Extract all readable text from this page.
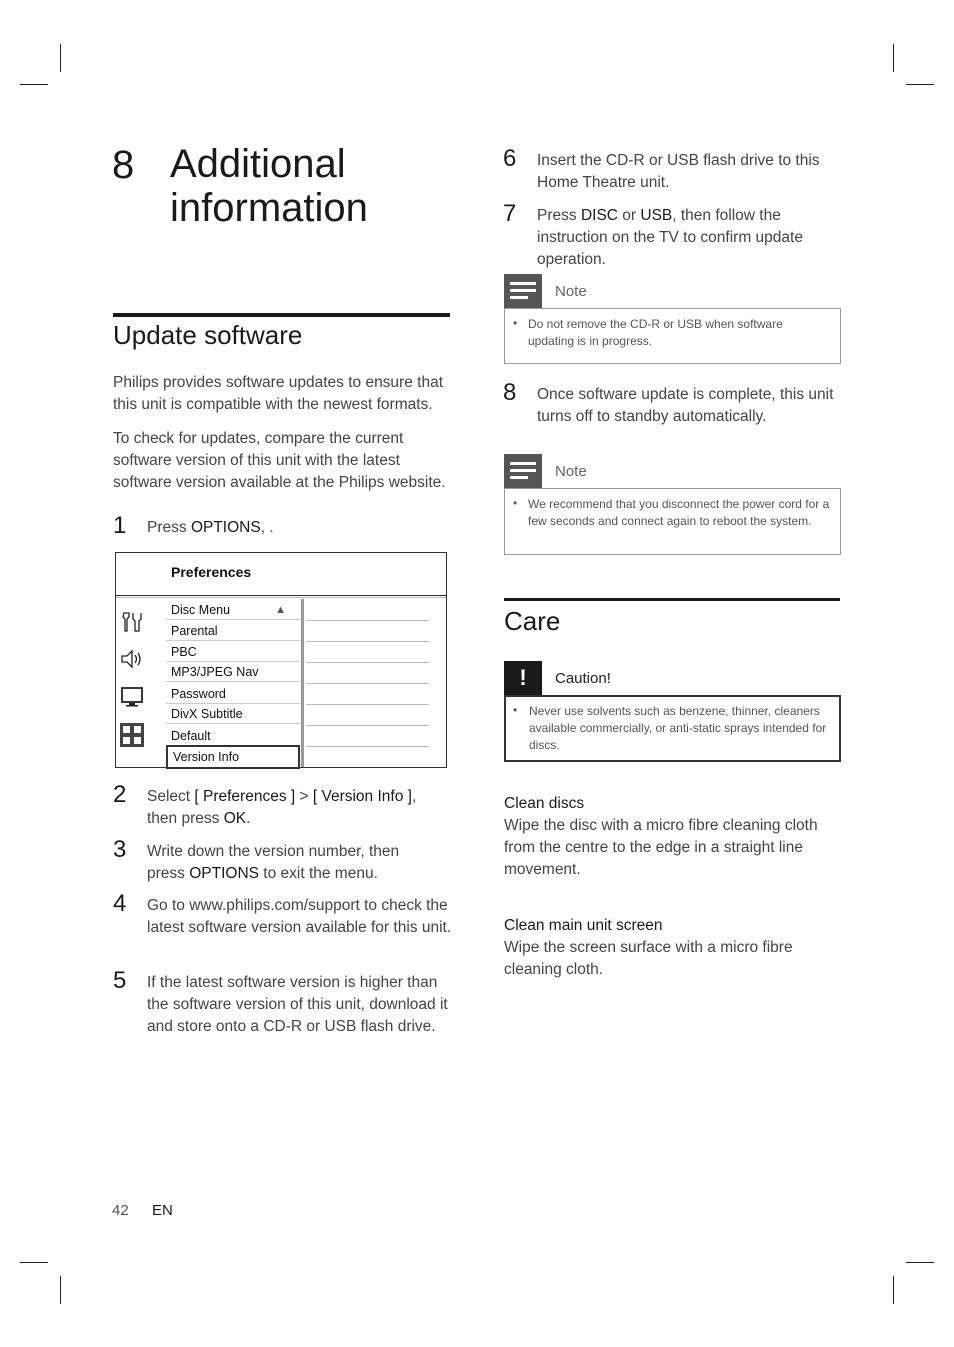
8 Additional
information
Update software
Philips provides software updates to ensure that this unit is compatible with the newest formats.
To check for updates, compare the current software version of this unit with the latest software version available at the Philips website.
1 Press OPTIONS, .
Preferences
Disc Menu	▲
Parental
PBC
MP3/JPEG Nav
Password
DivX Subtitle
Default
Version Info
2 Select [ Preferences ] > [ Version Info ],
then press OK.
3 Write down the version number, then
press OPTIONS to exit the menu.
4 Go to www.philips.com/support to check the latest software version available for this unit.
5 If the latest software version is higher than the software version of this unit, download it and store onto a CD-R or USB flash drive.
6 Insert the CD-R or USB flash drive to this Home Theatre unit.
7 Press DISC or USB, then follow the instruction on the TV to confirm update operation.
Note
• Do not remove the CD-R or USB when software updating is in progress.
8 Once software update is complete, this unit turns off to standby automatically.
Note
• We recommend that you disconnect the power cord for a few seconds and connect again to reboot the system.
Care
!	Caution!
• Never use solvents such as benzene, thinner, cleaners available commercially, or anti-static sprays intended for discs.
Clean discs
Wipe the disc with a micro fibre cleaning cloth from the centre to the edge in a straight line movement.
Clean main unit screen
Wipe the screen surface with a micro fibre cleaning cloth.
42 EN
